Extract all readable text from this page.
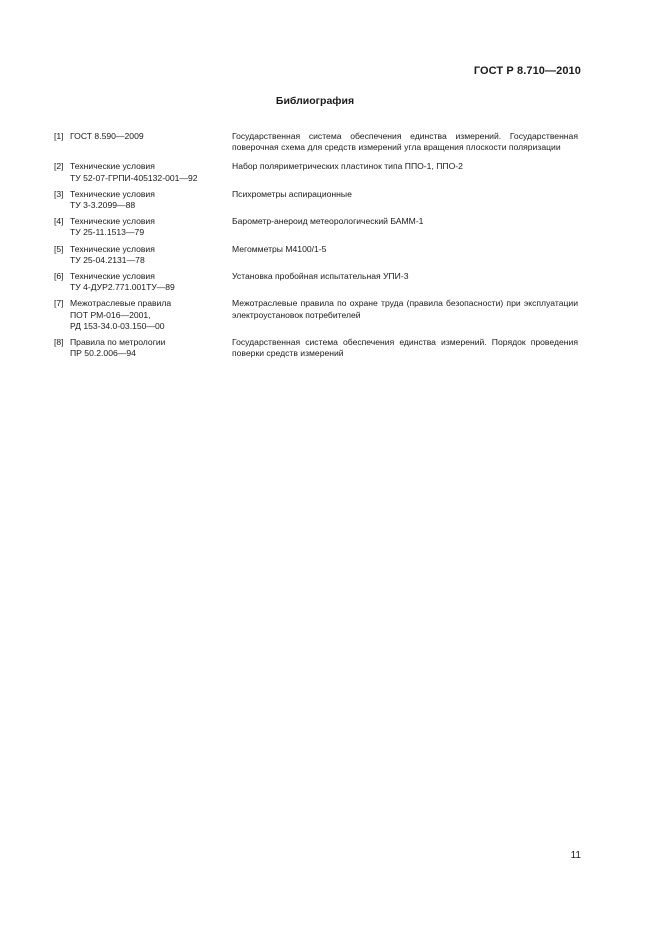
ГОСТ Р 8.710—2010
Библиография
[1] ГОСТ 8.590—2009	Государственная система обеспечения единства измерений. Государственная поверочная схема для средств измерений угла вращения плоскости поляризации
[2] Технические условия
ТУ 52-07-ГРПИ-405132-001—92
Набор поляриметрических пластинок типа ППО-1, ППО-2
[3] Технические условия
ТУ 3-3.2099—88
Психрометры аспирационные
[4] Технические условия
ТУ 25-11.1513—79
Барометр-анероид метеорологический БАММ-1
[5] Технические условия
ТУ 25-04.2131—78
Мегомметры М4100/1-5
[6] Технические условия
ТУ 4-ДУР2.771.001ТУ—89
Установка пробойная испытательная УПИ-3
[7] Межотраслевые правила
ПОТ РМ-016—2001,
РД 153-34.0-03.150—00
Межотраслевые правила по охране труда (правила безопасности) при эксплуатации электроустановок потребителей
[8] Правила по метрологии
ПР 50.2.006—94
Государственная система обеспечения единства измерений. Порядок проведения поверки средств измерений
11
